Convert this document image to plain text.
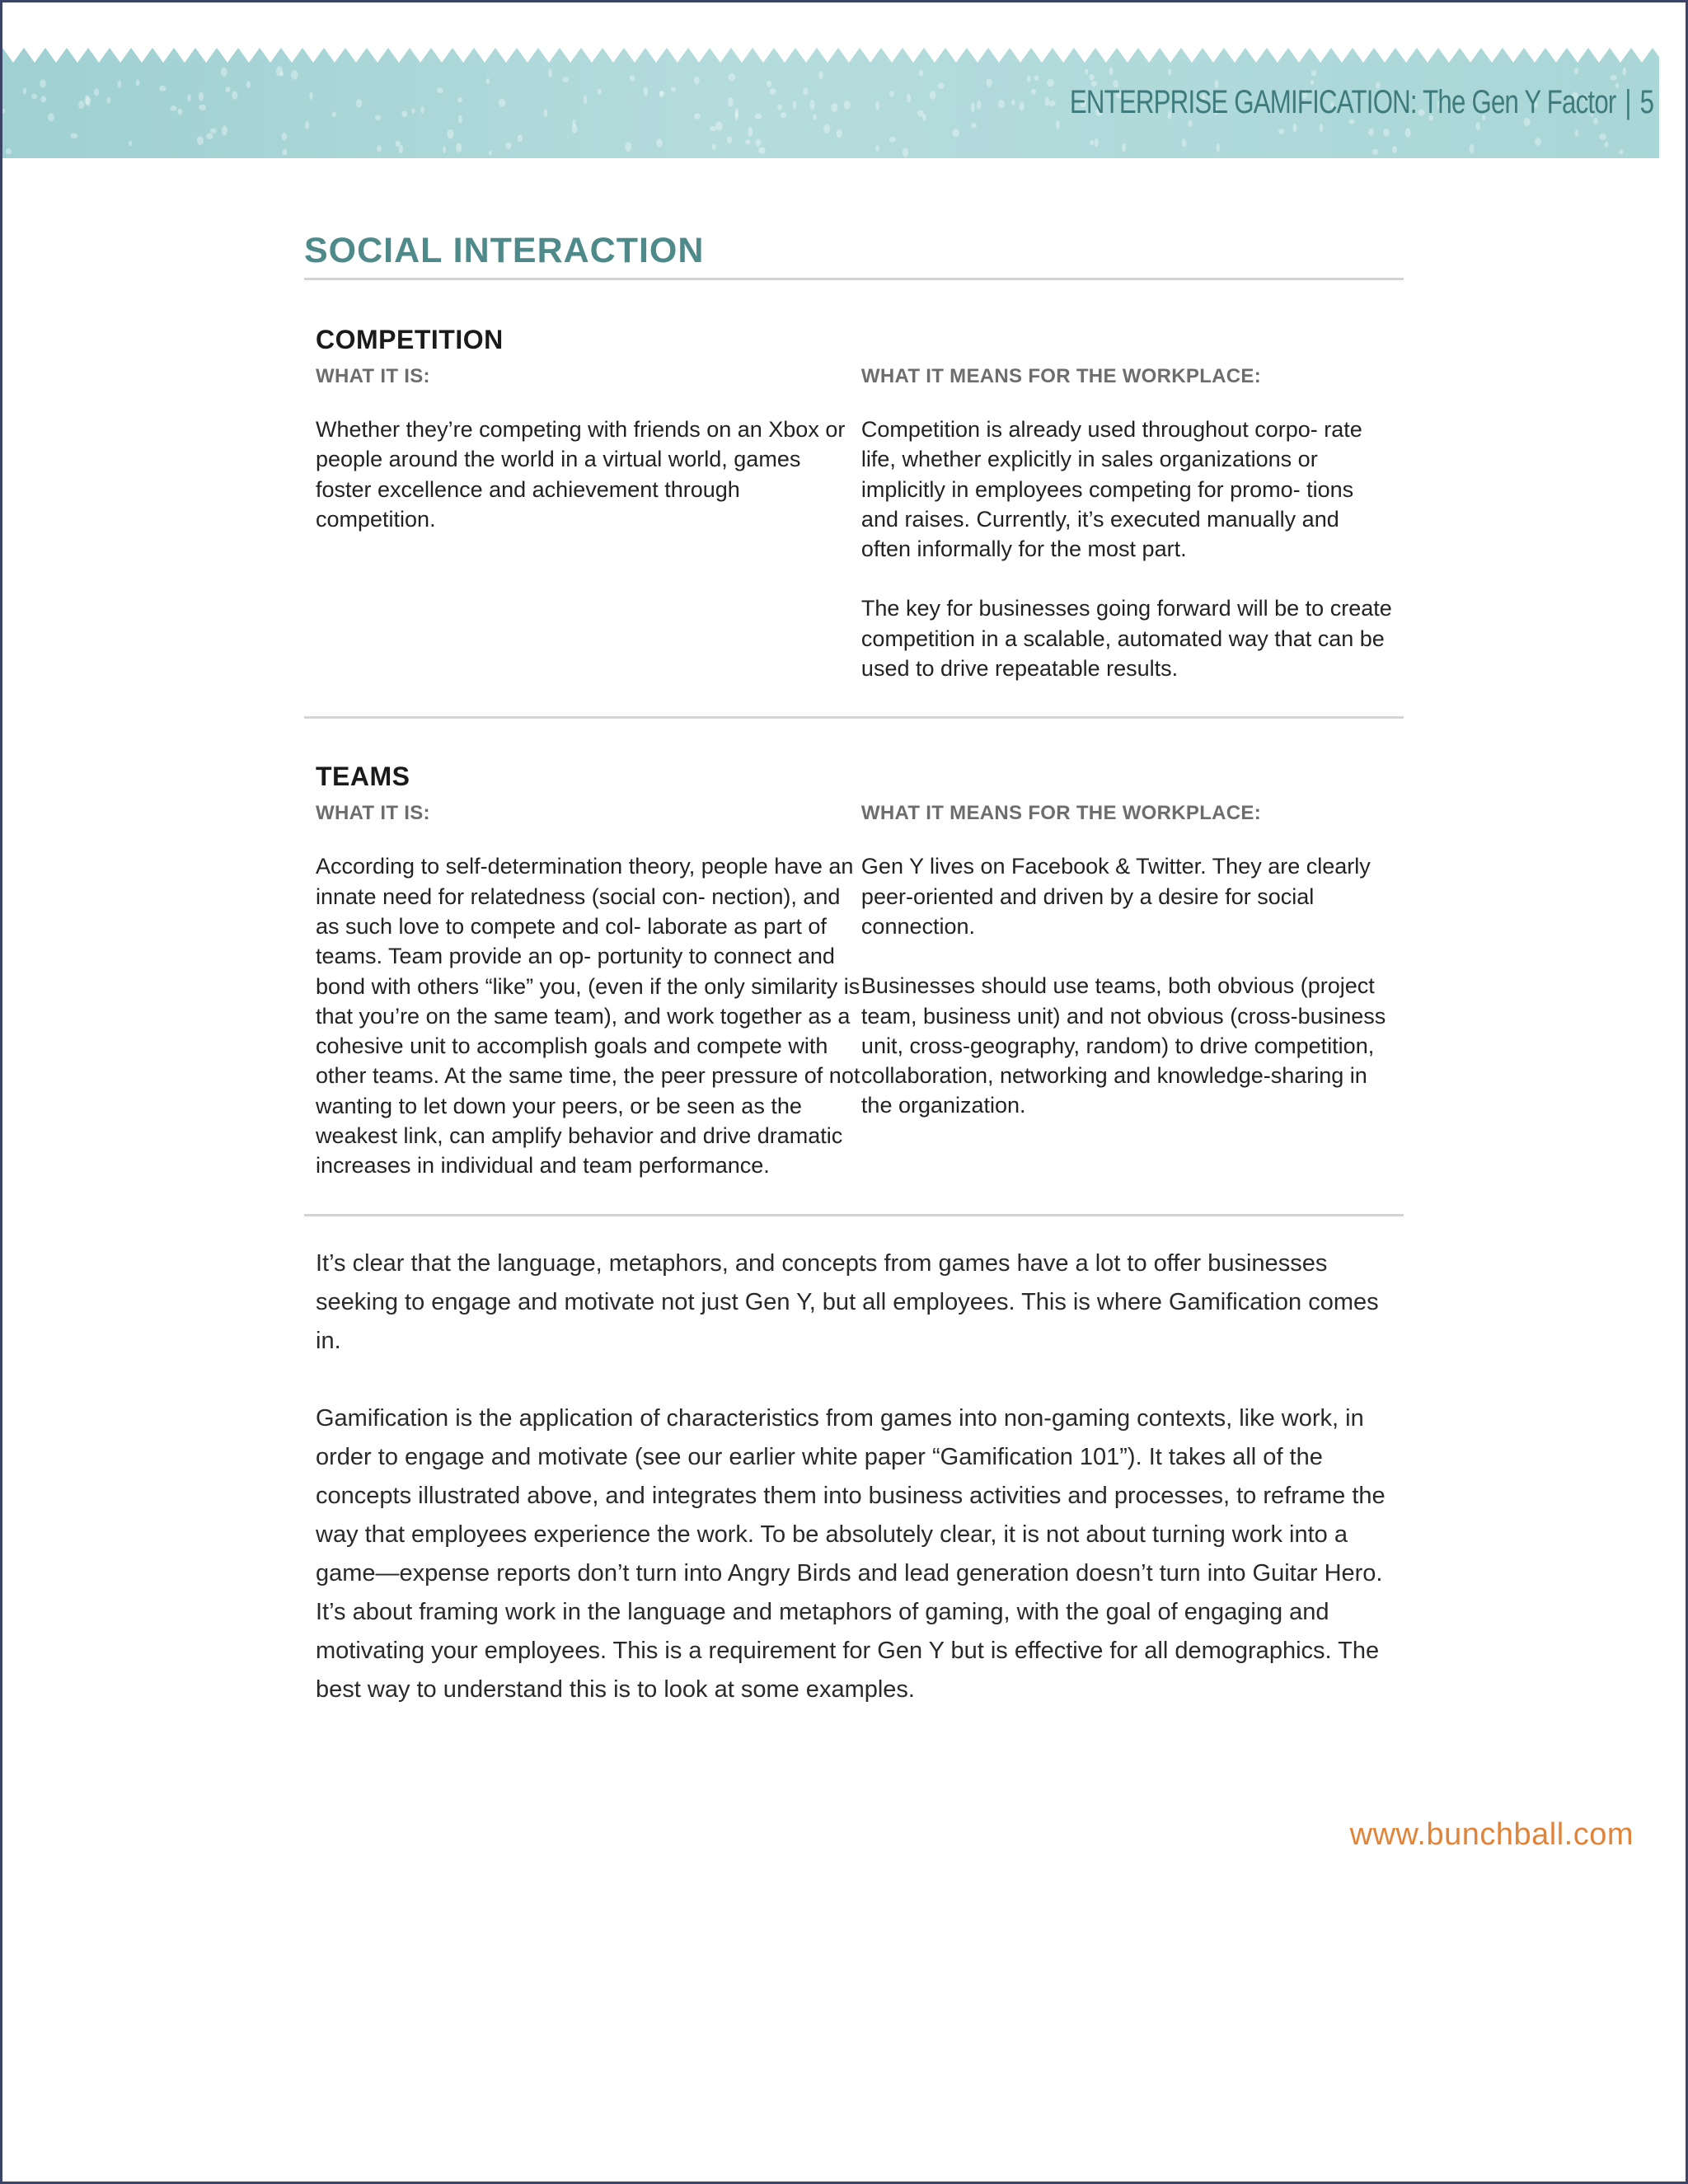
ENTERPRISE GAMIFICATION: The Gen Y Factor | 5
SOCIAL INTERACTION
COMPETITION
WHAT IT IS:

Whether they’re competing with friends on an Xbox or people around the world in a virtual world, games foster excellence and achievement through competition.

WHAT IT MEANS FOR THE WORKPLACE:

Competition is already used throughout corpo- rate life, whether explicitly in sales organizations or implicitly in employees competing for promo- tions and raises. Currently, it’s executed manually and often informally for the most part.

The key for businesses going forward will be to create competition in a scalable, automated way that can be used to drive repeatable results.

TEAMS
WHAT IT IS:

According to self-determination theory, people have an innate need for relatedness (social con- nection), and as such love to compete and col- laborate as part of teams. Team provide an op- portunity to connect and bond with others “like” you, (even if the only similarity is that you’re on the same team), and work together as a cohesive unit to accomplish goals and compete with other teams. At the same time, the peer pressure of not wanting to let down your peers, or be seen as the weakest link, can amplify behavior and drive dramatic increases in individual and team performance.

WHAT IT MEANS FOR THE WORKPLACE:

Gen Y lives on Facebook & Twitter. They are clearly peer-oriented and driven by a desire for social connection.

Businesses should use teams, both obvious (project team, business unit) and not obvious (cross-business unit, cross-geography, random) to drive competition, collaboration, networking and knowledge-sharing in the organization.

It’s clear that the language, metaphors, and concepts from games have a lot to offer businesses seeking to engage and motivate not just Gen Y, but all employees. This is where Gamification comes in.

Gamification is the application of characteristics from games into non-gaming contexts, like work, in order to engage and motivate (see our earlier white paper “Gamification 101”). It takes all of the concepts illustrated above, and integrates them into business activities and processes, to reframe the way that employees experience the work. To be absolutely clear, it is not about turning work into a game—expense reports don’t turn into Angry Birds and lead generation doesn’t turn into Guitar Hero. It’s about framing work in the language and metaphors of gaming, with the goal of engaging and motivating your employees. This is a requirement for Gen Y but is effective for all demographics. The best way to understand this is to look at some examples.

www.bunchball.com
